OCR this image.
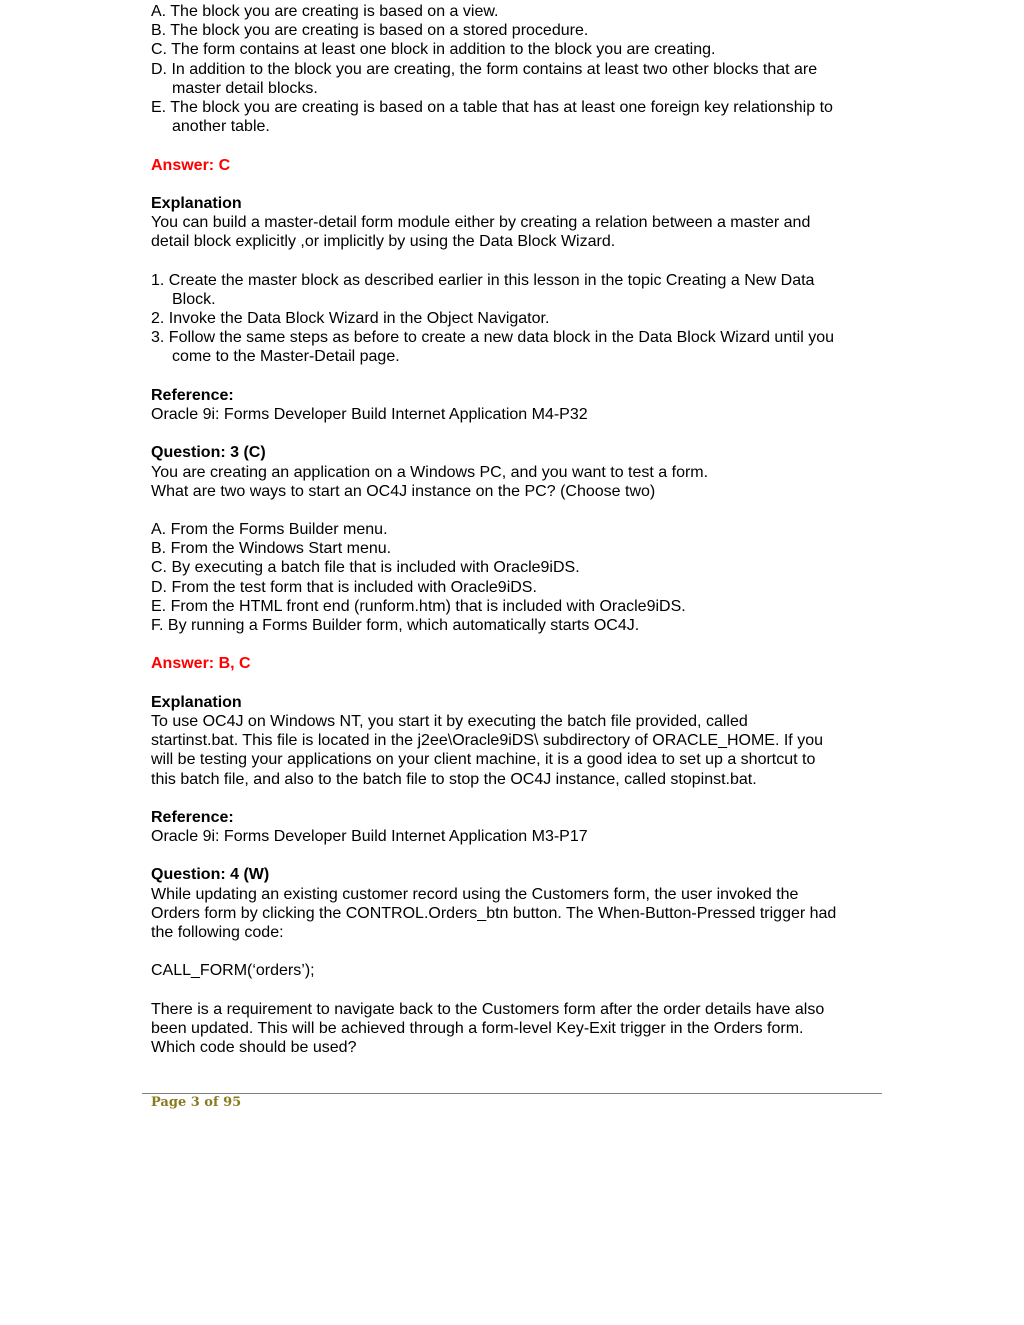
A. The block you are creating is based on a view.

B. The block you are creating is based on a stored procedure.

C. The form contains at least one block in addition to the block you are creating.

D. In addition to the block you are creating, the form contains at least two other blocks that are

master detail blocks.

E. The block you are creating is based on a table that has at least one foreign key relationship to

another table.

Answer: C

Explanation

You can build a master-detail form module either by creating a relation between a master and

detail block explicitly ,or implicitly by using the Data Block Wizard.

1. Create the master block as described earlier in this lesson in the topic Creating a New Data

Block.

2. Invoke the Data Block Wizard in the Object Navigator.

3. Follow the same steps as before to create a new data block in the Data Block Wizard until you

come to the Master-Detail page.

Reference:

Oracle 9i: Forms Developer Build Internet Application M4-P32

Question: 3 (C)

You are creating an application on a Windows PC, and you want to test a form.

What are two ways to start an OC4J instance on the PC? (Choose two)

A. From the Forms Builder menu.

B. From the Windows Start menu.

C. By executing a batch file that is included with Oracle9iDS.

D. From the test form that is included with Oracle9iDS.

E. From the HTML front end (runform.htm) that is included with Oracle9iDS.

F. By running a Forms Builder form, which automatically starts OC4J.

Answer: B, C

Explanation

To use OC4J on Windows NT, you start it by executing the batch file provided, called

startinst.bat. This file is located in the j2ee\Oracle9iDS\ subdirectory of ORACLE_HOME. If you

will be testing your applications on your client machine, it is a good idea to set up a shortcut to

this batch file, and also to the batch file to stop the OC4J instance, called stopinst.bat.

Reference:

Oracle 9i: Forms Developer Build Internet Application M3-P17

Question: 4 (W)

While updating an existing customer record using the Customers form, the user invoked the

Orders form by clicking the CONTROL.Orders_btn button. The When-Button-Pressed trigger had

the following code:

CALL_FORM(‘orders’);

There is a requirement to navigate back to the Customers form after the order details have also

been updated. This will be achieved through a form-level Key-Exit trigger in the Orders form.

Which code should be used?

Page 3 of 95
